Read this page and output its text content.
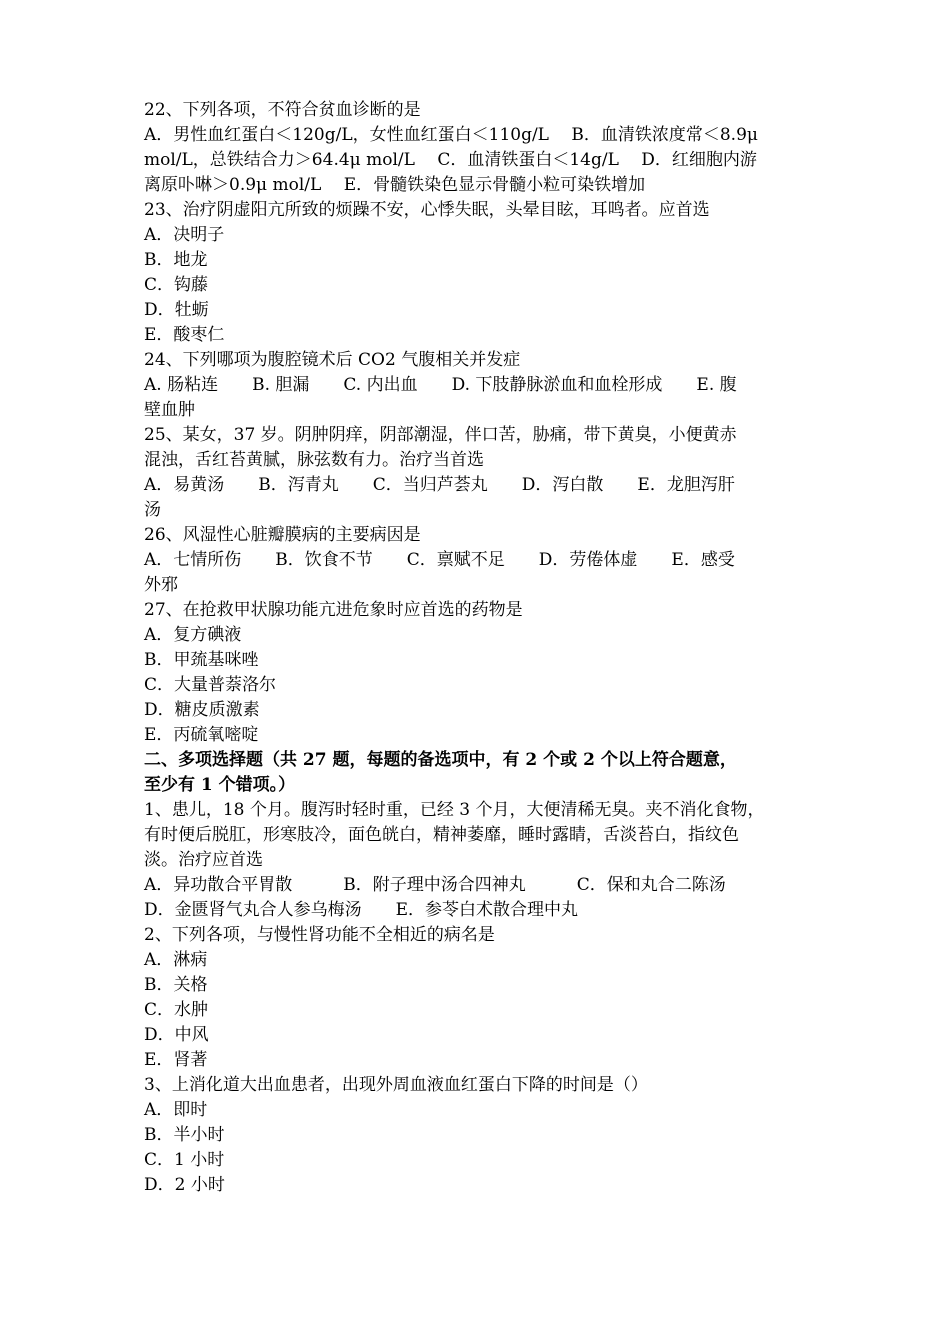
22、下列各项，不符合贫血诊断的是
A．男性血红蛋白＜120g/L，女性血红蛋白＜110g/L　 B．血清铁浓度常＜8.9μ
mol/L，总铁结合力＞64.4μ mol/L　 C．血清铁蛋白＜14g/L　 D．红细胞内游
离原卟啉＞0.9μ mol/L　 E．骨髓铁染色显示骨髓小粒可染铁增加
23、治疗阴虚阳亢所致的烦躁不安，心悸失眠，头晕目眩，耳鸣者。应首选
A．决明子
B．地龙
C．钩藤
D．牡蛎
E．酸枣仁
24、下列哪项为腹腔镜术后 CO2 气腹相关并发症
A. 肠粘连　　B. 胆漏　　C. 内出血　　D. 下肢静脉淤血和血栓形成　　E. 腹
壁血肿
25、某女，37 岁。阴肿阴痒，阴部潮湿，伴口苦，胁痛，带下黄臭，小便黄赤
混浊，舌红苔黄腻，脉弦数有力。治疗当首选
A．易黄汤　　B．泻青丸　　C．当归芦荟丸　　D．泻白散　　E．龙胆泻肝
汤
26、风湿性心脏瓣膜病的主要病因是
A．七情所伤　　B．饮食不节　　C．禀赋不足　　D．劳倦体虚　　E．感受
外邪
27、在抢救甲状腺功能亢进危象时应首选的药物是
A．复方碘液
B．甲巯基咪唑
C．大量普萘洛尔
D．糖皮质激素
E．丙硫氧嘧啶
二、多项选择题（共 27 题，每题的备选项中，有 2 个或 2 个以上符合题意，
至少有 1 个错项。）
1、患儿，18 个月。腹泻时轻时重，已经 3 个月，大便清稀无臭。夹不消化食物，
有时便后脱肛，形寒肢冷，面色㿠白，精神萎靡，睡时露睛，舌淡苔白，指纹色
淡。治疗应首选
A．异功散合平胃散　　　B．附子理中汤合四神丸　　　C．保和丸合二陈汤
D．金匮肾气丸合人参乌梅汤　　E．参苓白术散合理中丸
2、下列各项，与慢性肾功能不全相近的病名是
A．淋病
B．关格
C．水肿
D．中风
E．肾著
3、上消化道大出血患者，出现外周血液血红蛋白下降的时间是（）
A．即时
B．半小时
C．1 小时
D．2 小时
